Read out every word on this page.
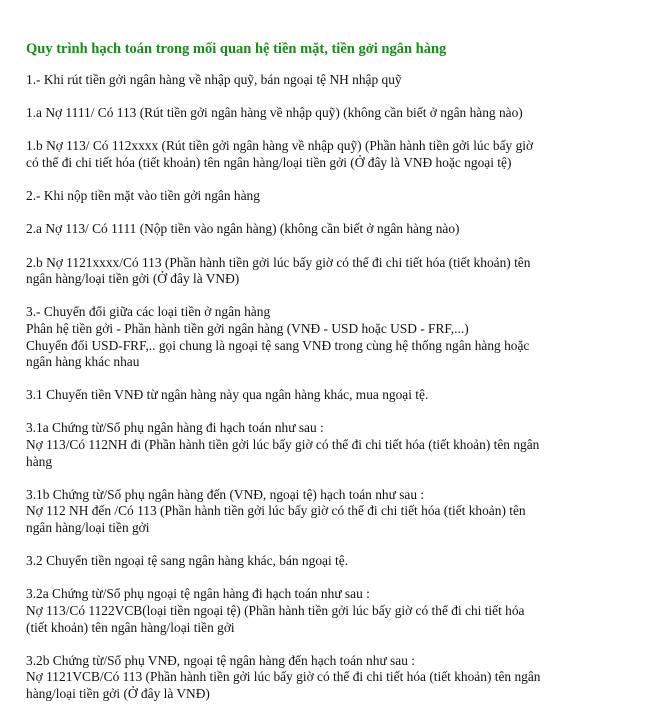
Quy trình hạch toán trong mối quan hệ tiền mặt, tiền gởi ngân hàng
1.- Khi rút tiền gởi ngân hàng về nhập quỹ, bán ngoại tệ NH nhập quỹ
1.a Nợ 1111/ Có 113 (Rút tiền gởi ngân hàng về nhập quỹ) (không cần biết ở ngân hàng nào)
1.b Nợ 113/ Có 112xxxx (Rút tiền gởi ngân hàng về nhập quỹ) (Phần hành tiền gởi lúc bấy giờ
có thể đi chi tiết hóa (tiết khoản) tên ngân hàng/loại tiền gởi (Ở đây là VNĐ hoặc ngoại tệ)
2.- Khi nộp tiền mặt vào tiền gởi ngân hàng
2.a Nợ 113/ Có 1111 (Nộp tiền vào ngân hàng) (không cần biết ở ngân hàng nào)
2.b Nợ 1121xxxx/Có 113 (Phần hành tiền gởi lúc bấy giờ có thể đi chi tiết hóa (tiết khoản) tên
ngân hàng/loại tiền gởi (Ở đây là VNĐ)
3.- Chuyển đổi giữa các loại tiền ở ngân hàng
Phân hệ tiền gởi - Phần hành tiền gởi ngân hàng (VNĐ - USD hoặc USD - FRF,...)
Chuyển đổi USD-FRF,.. gọi chung là ngoại tệ sang VNĐ trong cùng hệ thống ngân hàng hoặc
ngân hàng khác nhau
3.1 Chuyển tiền VNĐ từ ngân hàng này qua ngân hàng khác, mua ngoại tệ.
3.1a Chứng từ/Sổ phụ ngân hàng đi hạch toán như sau :
Nợ 113/Có 112NH đi (Phần hành tiền gởi lúc bấy giờ có thể đi chi tiết hóa (tiết khoản) tên ngân
hàng
3.1b Chứng từ/Sổ phụ ngân hàng đến (VNĐ, ngoại tệ) hạch toán như sau :
Nợ 112 NH đến /Có 113 (Phần hành tiền gởi lúc bấy giờ có thể đi chi tiết hóa (tiết khoản) tên
ngân hàng/loại tiền gởi
3.2 Chuyển tiền ngoại tệ sang ngân hàng khác, bán ngoại tệ.
3.2a Chứng từ/Sổ phụ ngoại tệ ngân hàng đi hạch toán như sau :
Nợ 113/Có 1122VCB(loại tiền ngoại tệ) (Phần hành tiền gởi lúc bấy giờ có thể đi chi tiết hóa
(tiết khoản) tên ngân hàng/loại tiền gởi
3.2b Chứng từ/Sổ phụ VNĐ, ngoại tệ ngân hàng đến hạch toán như sau :
Nợ 1121VCB/Có 113 (Phần hành tiền gởi lúc bấy giờ có thể đi chi tiết hóa (tiết khoản) tên ngân
hàng/loại tiền gởi (Ở đây là VNĐ)
